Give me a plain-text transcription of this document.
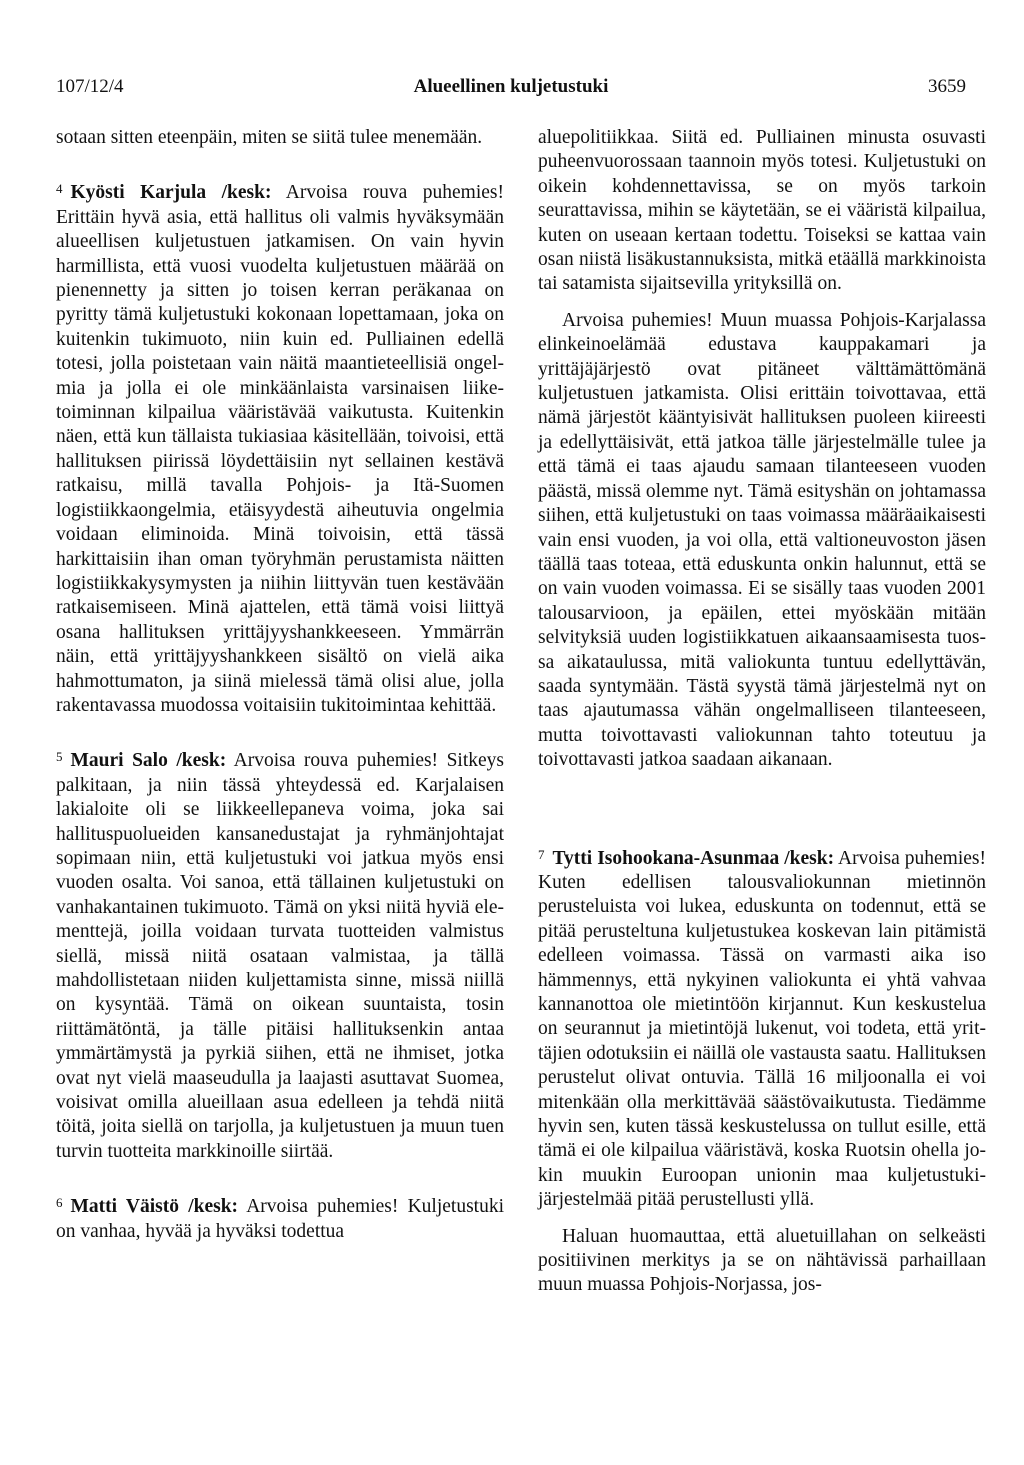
107/12/4	Alueellinen kuljetustuki	3659

sotaan sitten eteenpäin, miten se siitä tulee menemään.

$^4$ Kyösti Karjula /kesk: Arvoisa rouva puhemies! Erittäin hyvä asia, että hallitus oli valmis hyväksymään alueellisen kuljetustuen jatkamisen. On vain hyvin harmillista, että vuosi vuodelta kuljetustuen määrää on pienennetty ja sitten jo toisen kerran peräkanaa on pyritty tämä kuljetustuki kokonaan lopettamaan, joka on kuitenkin tukimuoto, niin kuin ed. Pulliainen edellä totesi, jolla poistetaan vain näitä maantieteellisiä ongelmia ja jolla ei ole minkäänlaista varsinaisen liiketoiminnan kilpailua vääristävää vaikutusta. Kuitenkin näen, että kun tällaista tukiasiaa käsitellään, toivoisi, että hallituksen piirissä löydettäisiin nyt sellainen kestävä ratkaisu, millä tavalla Pohjois- ja Itä-Suomen logistiikkaongelmia, etäisyydestä aiheutuvia ongelmia voidaan eliminoida. Minä toivoisin, että tässä harkittaisiin ihan oman työryhmän perustamista näitten logistiikkakysymysten ja niihin liittyvän tuen kestävään ratkaisemiseen. Minä ajattelen, että tämä voisi liittyä osana hallituksen yrittäjyyshankkeeseen. Ymmärrän näin, että yrittäjyyshankkeen sisältö on vielä aika hahmottumaton, ja siinä mielessä tämä olisi alue, jolla rakentavassa muodossa voitaisiin tukitoimintaa kehittää.

$^5$ Mauri Salo /kesk: Arvoisa rouva puhemies! Sitkeys palkitaan, ja niin tässä yhteydessä ed. Karjalaisen lakialoite oli se liikkeellepaneva voima, joka sai hallituspuolueiden kansanedustajat ja ryhmänjohtajat sopimaan niin, että kuljetustuki voi jatkua myös ensi vuoden osalta. Voi sanoa, että tällainen kuljetustuki on vanhakantainen tukimuoto. Tämä on yksi niitä hyviä elementtejä, joilla voidaan turvata tuotteiden valmistus siellä, missä niitä osataan valmistaa, ja tällä mahdollistetaan niiden kuljettamista sinne, missä niillä on kysyntää. Tämä on oikean suuntaista, tosin riittämätöntä, ja tälle pitäisi hallituksenkin antaa ymmärtämystä ja pyrkiä siihen, että ne ihmiset, jotka ovat nyt vielä maaseudulla ja laajasti asuttavat Suomea, voisivat omilla alueillaan asua edelleen ja tehdä niitä töitä, joita siellä on tarjolla, ja kuljetustuen ja muun tuen turvin tuotteita markkinoille siirtää.

$^6$ Matti Väistö /kesk: Arvoisa puhemies! Kuljetustuki on vanhaa, hyvää ja hyväksi todettua

aluepolitiikkaa. Siitä ed. Pulliainen minusta osuvasti puheenvuorossaan taannoin myös totesi. Kuljetustuki on oikein kohdennettavissa, se on myös tarkoin seurattavissa, mihin se käytetään, se ei vääristä kilpailua, kuten on useaan kertaan todettu. Toiseksi se kattaa vain osan niistä lisäkustannuksista, mitkä etäällä markkinoista tai satamista sijaitsevilla yrityksillä on.

Arvoisa puhemies! Muun muassa Pohjois-Karjalassa elinkeinoelämää edustava kauppakamari ja yrittäjäjärjestö ovat pitäneet välttämättömänä kuljetustuen jatkamista. Olisi erittäin toivottavaa, että nämä järjestöt kääntyisivät hallituksen puoleen kiireesti ja edellyttäisivät, että jatkoa tälle järjestelmälle tulee ja että tämä ei taas ajaudu samaan tilanteeseen vuoden päästä, missä olemme nyt. Tämä esityshän on johtamassa siihen, että kuljetustuki on taas voimassa määräaikaisesti vain ensi vuoden, ja voi olla, että valtioneuvoston jäsen täällä taas toteaa, että eduskunta onkin halunnut, että se on vain vuoden voimassa. Ei se sisälly taas vuoden 2001 talousarvioon, ja epäilen, ettei myöskään mitään selvityksiä uuden logistiikkatuen aikaansaamisesta tuossa aikataulussa, mitä valiokunta tuntuu edellyttävän, saada syntymään. Tästä syystä tämä järjestelmä nyt on taas ajautumassa vähän ongelmalliseen tilanteeseen, mutta toivottavasti valiokunnan tahto toteutuu ja toivottavasti jatkoa saadaan aikanaan.

$^7$ Tytti Isohookana-Asunmaa /kesk: Arvoisa puhemies! Kuten edellisen talousvaliokunnan mietinnön perusteluista voi lukea, eduskunta on todennut, että se pitää perusteltuna kuljetustukea koskevan lain pitämistä edelleen voimassa. Tässä on varmasti aika iso hämmennys, että nykyinen valiokunta ei yhtä vahvaa kannanottoa ole mietintöön kirjannut. Kun keskustelua on seurannut ja mietintöjä lukenut, voi todeta, että yrittäjien odotuksiin ei näillä ole vastausta saatu. Hallituksen perustelut olivat ontuvia. Tällä 16 miljoonalla ei voi mitenkään olla merkittävää säästövaikutusta. Tiedämme hyvin sen, kuten tässä keskustelussa on tullut esille, että tämä ei ole kilpailua vääristävä, koska Ruotsin ohella jokin muukin Euroopan unionin maa kuljetustukijärjestelmää pitää perustellusti yllä.

Haluan huomauttaa, että aluetuillahan on selkeästi positiivinen merkitys ja se on nähtävissä parhaillaan muun muassa Pohjois-Norjassa, jos-
